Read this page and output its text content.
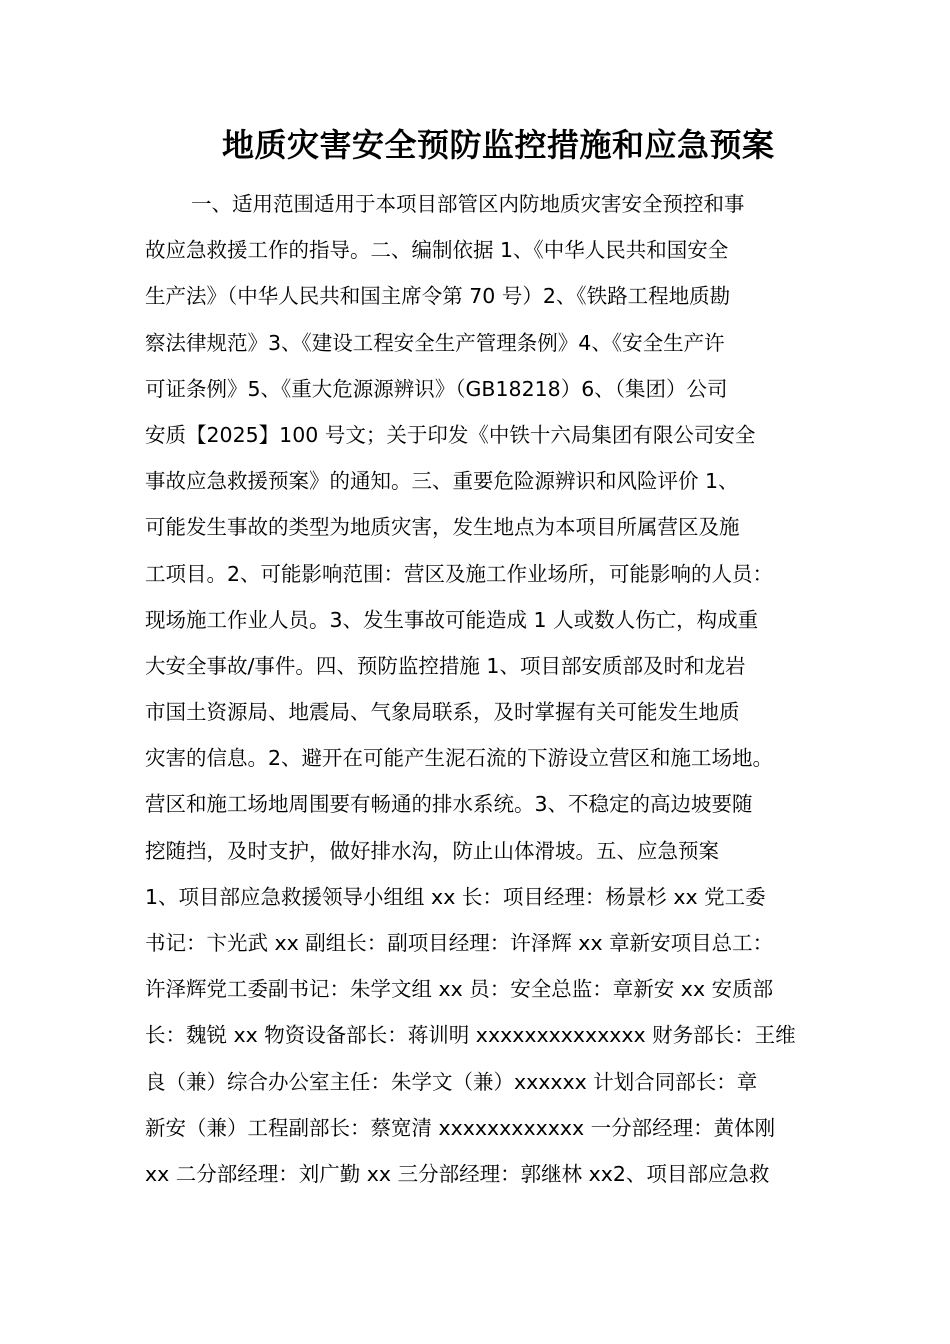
地质灾害安全预防监控措施和应急预案
一、适用范围适用于本项目部管区内防地质灾害安全预控和事
故应急救援工作的指导。二、编制依据 1、《中华人民共和国安全
生产法》（中华人民共和国主席令第 70 号）2、《铁路工程地质勘
察法律规范》3、《建设工程安全生产管理条例》4、《安全生产许
可证条例》5、《重大危源源辨识》（GB18218）6、（集团）公司
安质【2025】100 号文；关于印发《中铁十六局集团有限公司安全
事故应急救援预案》的通知。三、重要危险源辨识和风险评价 1、
可能发生事故的类型为地质灾害，发生地点为本项目所属营区及施
工项目。2、可能影响范围：营区及施工作业场所，可能影响的人员：
现场施工作业人员。3、发生事故可能造成 1 人或数人伤亡，构成重
大安全事故/事件。四、预防监控措施 1、项目部安质部及时和龙岩
市国土资源局、地震局、气象局联系，及时掌握有关可能发生地质
灾害的信息。2、避开在可能产生泥石流的下游设立营区和施工场地。
营区和施工场地周围要有畅通的排水系统。3、不稳定的高边坡要随
挖随挡，及时支护，做好排水沟，防止山体滑坡。五、应急预案
1、项目部应急救援领导小组组 xx 长：项目经理：杨景杉 xx 党工委
书记：卞光武 xx 副组长：副项目经理：许泽辉 xx 章新安项目总工：
许泽辉党工委副书记：朱学文组 xx 员：安全总监：章新安 xx 安质部
长：魏锐 xx 物资设备部长：蒋训明 xxxxxxxxxxxxxx 财务部长：王维
良（兼）综合办公室主任：朱学文（兼）xxxxxx 计划合同部长：章
新安（兼）工程副部长：蔡宽清 xxxxxxxxxxxx 一分部经理：黄体刚
xx 二分部经理：刘广勤 xx 三分部经理：郭继林 xx2、项目部应急救
